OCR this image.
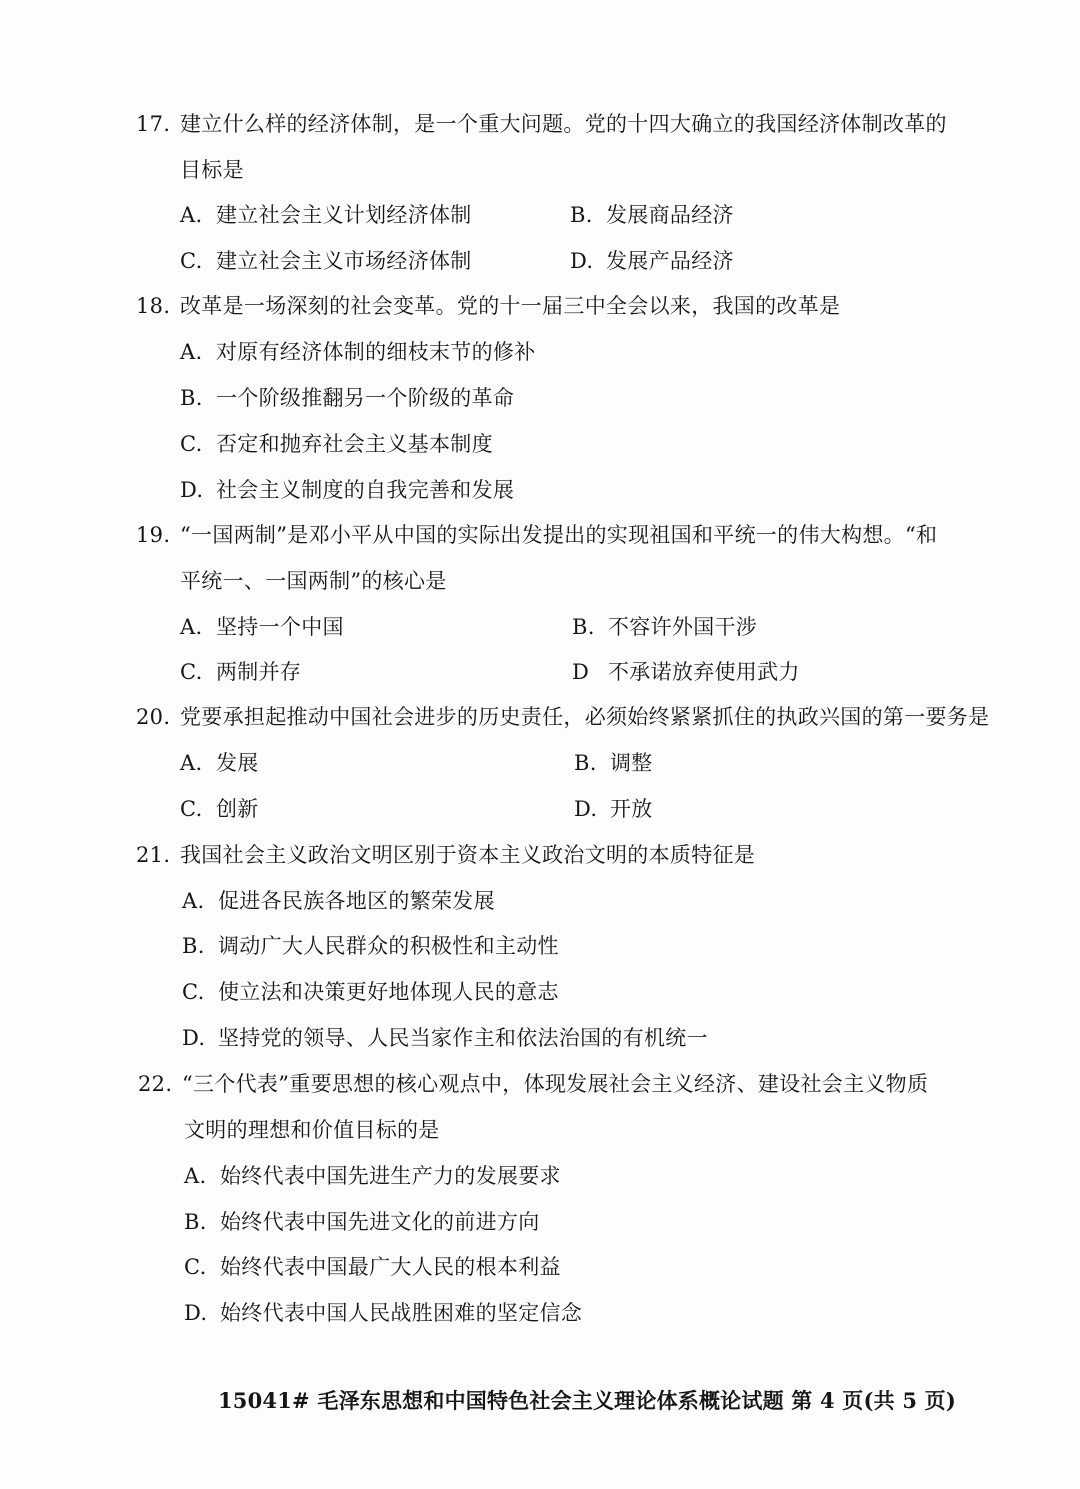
17. 建立什么样的经济体制，是一个重大问题。党的十四大确立的我国经济体制改革的
目标是
A. 建立社会主义计划经济体制	B. 发展商品经济
C. 建立社会主义市场经济体制	D. 发展产品经济
18. 改革是一场深刻的社会变革。党的十一届三中全会以来，我国的改革是
A. 对原有经济体制的细枝末节的修补
B. 一个阶级推翻另一个阶级的革命
C. 否定和抛弃社会主义基本制度
D. 社会主义制度的自我完善和发展
19. “一国两制”是邓小平从中国的实际出发提出的实现祖国和平统一的伟大构想。“和
平统一、一国两制”的核心是
A. 坚持一个中国	B. 不容许外国干涉
C. 两制并存	D 不承诺放弃使用武力
20. 党要承担起推动中国社会进步的历史责任，必须始终紧紧抓住的执政兴国的第一要务是
A. 发展	B. 调整
C. 创新	D. 开放
21. 我国社会主义政治文明区别于资本主义政治文明的本质特征是
A. 促进各民族各地区的繁荣发展
B. 调动广大人民群众的积极性和主动性
C. 使立法和决策更好地体现人民的意志
D. 坚持党的领导、人民当家作主和依法治国的有机统一
22. “三个代表”重要思想的核心观点中，体现发展社会主义经济、建设社会主义物质
文明的理想和价值目标的是
A. 始终代表中国先进生产力的发展要求
B. 始终代表中国先进文化的前进方向
C. 始终代表中国最广大人民的根本利益
D. 始终代表中国人民战胜困难的坚定信念
15041# 毛泽东思想和中国特色社会主义理论体系概论试题 第 4 页(共 5 页)
